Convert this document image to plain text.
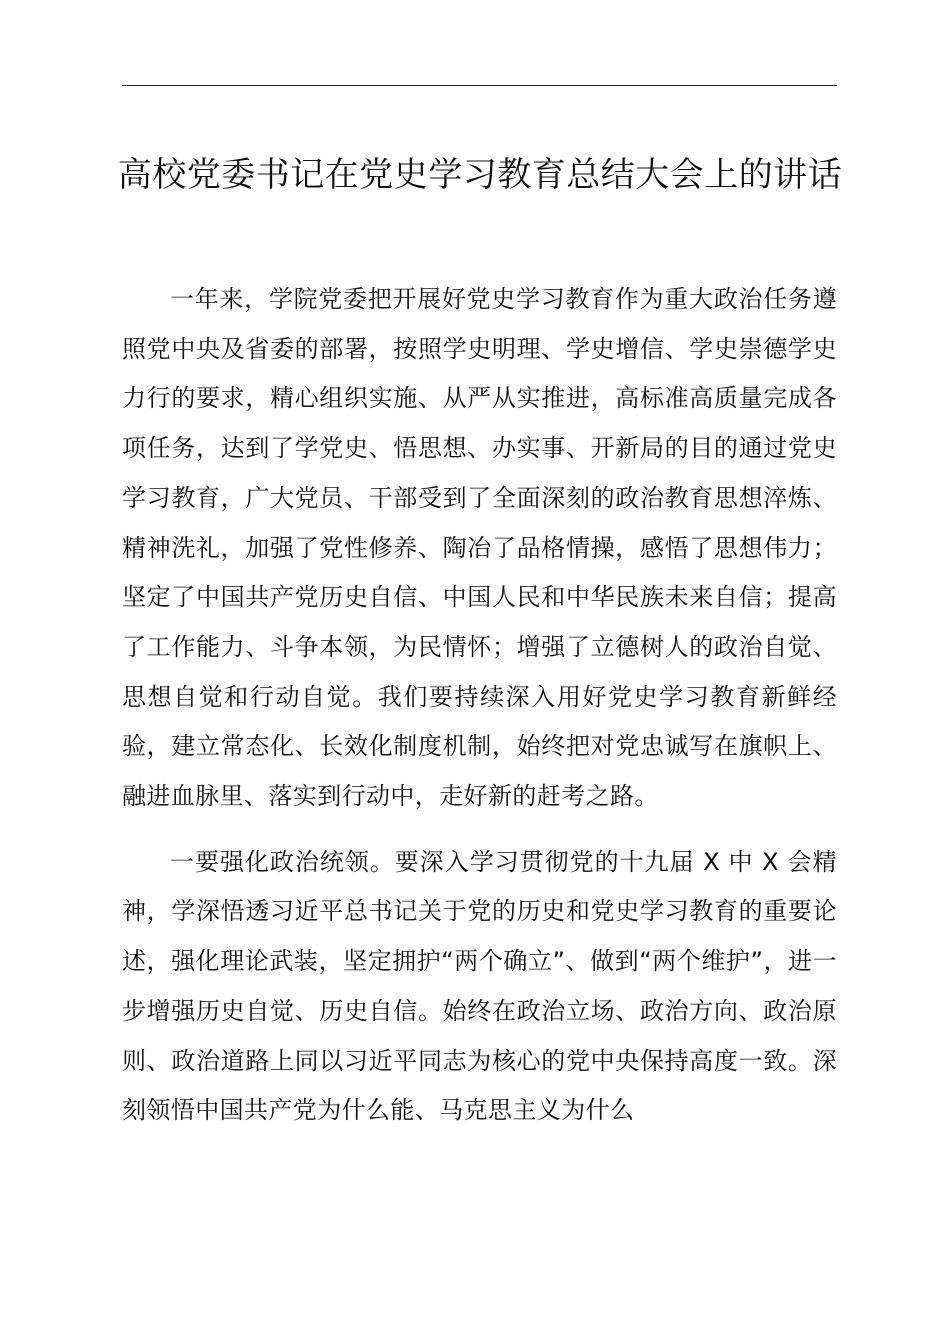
高校党委书记在党史学习教育总结大会上的讲话

一年来，学院党委把开展好党史学习教育作为重大政治任务遵照党中央及省委的部署，按照学史明理、学史增信、学史崇德学史力行的要求，精心组织实施、从严从实推进，高标准高质量完成各项任务，达到了学党史、悟思想、办实事、开新局的目的通过党史学习教育，广大党员、干部受到了全面深刻的政治教育思想淬炼、精神洗礼，加强了党性修养、陶冶了品格情操，感悟了思想伟力；坚定了中国共产党历史自信、中国人民和中华民族未来自信；提高了工作能力、斗争本领，为民情怀；增强了立德树人的政治自觉、思想自觉和行动自觉。我们要持续深入用好党史学习教育新鲜经验，建立常态化、长效化制度机制，始终把对党忠诚写在旗帜上、融进血脉里、落实到行动中，走好新的赶考之路。

一要强化政治统领。要深入学习贯彻党的十九届 X 中 X 会精神，学深悟透习近平总书记关于党的历史和党史学习教育的重要论述，强化理论武装，坚定拥护“两个确立”、做到“两个维护”，进一步增强历史自觉、历史自信。始终在政治立场、政治方向、政治原则、政治道路上同以习近平同志为核心的党中央保持高度一致。深刻领悟中国共产党为什么能、马克思主义为什么
